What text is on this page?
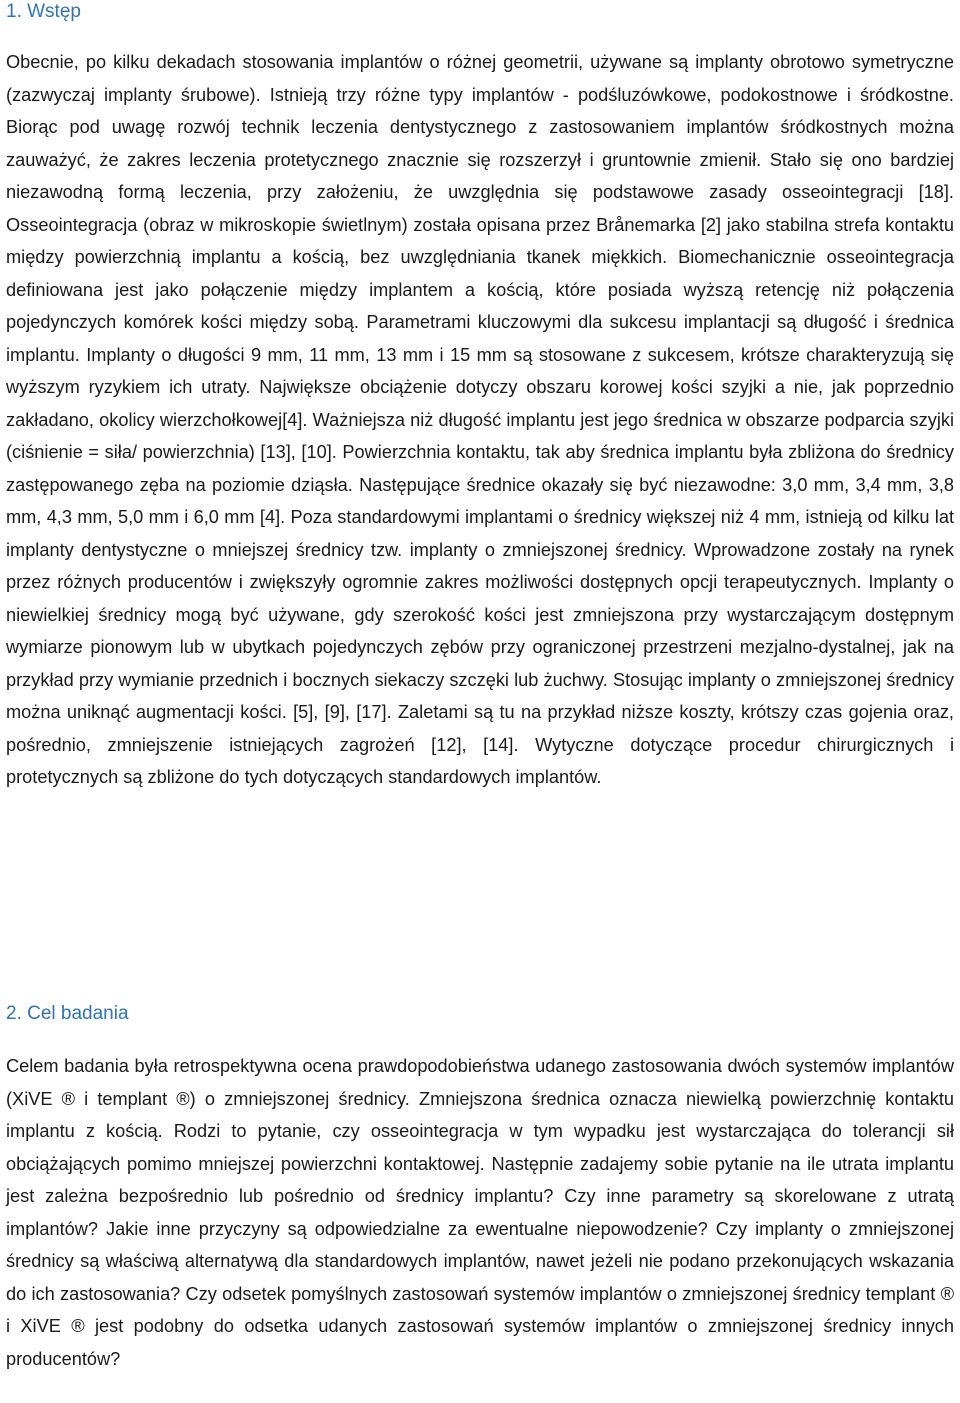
1. Wstęp

Obecnie, po kilku dekadach stosowania implantów o różnej geometrii, używane są implanty obrotowo symetryczne (zazwyczaj implanty śrubowe). Istnieją trzy różne typy implantów - podśluzówkowe, podokostnowe i śródkostne. Biorąc pod uwagę rozwój technik leczenia dentystycznego z zastosowaniem implantów śródkostnych można zauważyć, że zakres leczenia protetycznego znacznie się rozszerzył i gruntownie zmienił. Stało się ono bardziej niezawodną formą leczenia, przy założeniu, że uwzględnia się podstawowe zasady osseointegracji [18]. Osseointegracja (obraz w mikroskopie świetlnym) została opisana przez Brånemarka [2] jako stabilna strefa kontaktu między powierzchnią implantu a kością, bez uwzględniania tkanek miękkich. Biomechanicznie osseointegracja definiowana jest jako połączenie między implantem a kością, które posiada wyższą retencję niż połączenia pojedynczych komórek kości między sobą. Parametrami kluczowymi dla sukcesu implantacji są długość i średnica implantu. Implanty o długości 9 mm, 11 mm, 13 mm i 15 mm są stosowane z sukcesem, krótsze charakteryzują się wyższym ryzykiem ich utraty. Największe obciążenie dotyczy obszaru korowej kości szyjki a nie, jak poprzednio zakładano, okolicy wierzchołkowej[4]. Ważniejsza niż długość implantu jest jego średnica w obszarze podparcia szyjki (ciśnienie = siła/ powierzchnia) [13], [10]. Powierzchnia kontaktu, tak aby średnica implantu była zbliżona do średnicy zastępowanego zęba na poziomie dziąsła. Następujące średnice okazały się być niezawodne: 3,0 mm, 3,4 mm, 3,8 mm, 4,3 mm, 5,0 mm i 6,0 mm [4]. Poza standardowymi implantami o średnicy większej niż 4 mm, istnieją od kilku lat implanty dentystyczne o mniejszej średnicy tzw. implanty o zmniejszonej średnicy. Wprowadzone zostały na rynek przez różnych producentów i zwiększyły ogromnie zakres możliwości dostępnych opcji terapeutycznych. Implanty o niewielkiej średnicy mogą być używane, gdy szerokość kości jest zmniejszona przy wystarczającym dostępnym wymiarze pionowym lub w ubytkach pojedynczych zębów przy ograniczonej przestrzeni mezjalno-dystalnej, jak na przykład przy wymianie przednich i bocznych siekaczy szczęki lub żuchwy. Stosując implanty o zmniejszonej średnicy można uniknąć augmentacji kości. [5], [9], [17]. Zaletami są tu na przykład niższe koszty, krótszy czas gojenia oraz, pośrednio, zmniejszenie istniejących zagrożeń [12], [14]. Wytyczne dotyczące procedur chirurgicznych i protetycznych są zbliżone do tych dotyczących standardowych implantów.

2. Cel badania

Celem badania była retrospektywna ocena prawdopodobieństwa udanego zastosowania dwóch systemów implantów (XiVE ® i templant ®) o zmniejszonej średnicy. Zmniejszona średnica oznacza niewielką powierzchnię kontaktu implantu z kością. Rodzi to pytanie, czy osseointegracja w tym wypadku jest wystarczająca do tolerancji sił obciążających pomimo mniejszej powierzchni kontaktowej. Następnie zadajemy sobie pytanie na ile utrata implantu jest zależna bezpośrednio lub pośrednio od średnicy implantu? Czy inne parametry są skorelowane z utratą implantów? Jakie inne przyczyny są odpowiedzialne za ewentualne niepowodzenie? Czy implanty o zmniejszonej średnicy są właściwą alternatywą dla standardowych implantów, nawet jeżeli nie podano przekonujących wskazania do ich zastosowania? Czy odsetek pomyślnych zastosowań systemów implantów o zmniejszonej średnicy templant ® i XiVE ® jest podobny do odsetka udanych zastosowań systemów implantów o zmniejszonej średnicy innych producentów?
